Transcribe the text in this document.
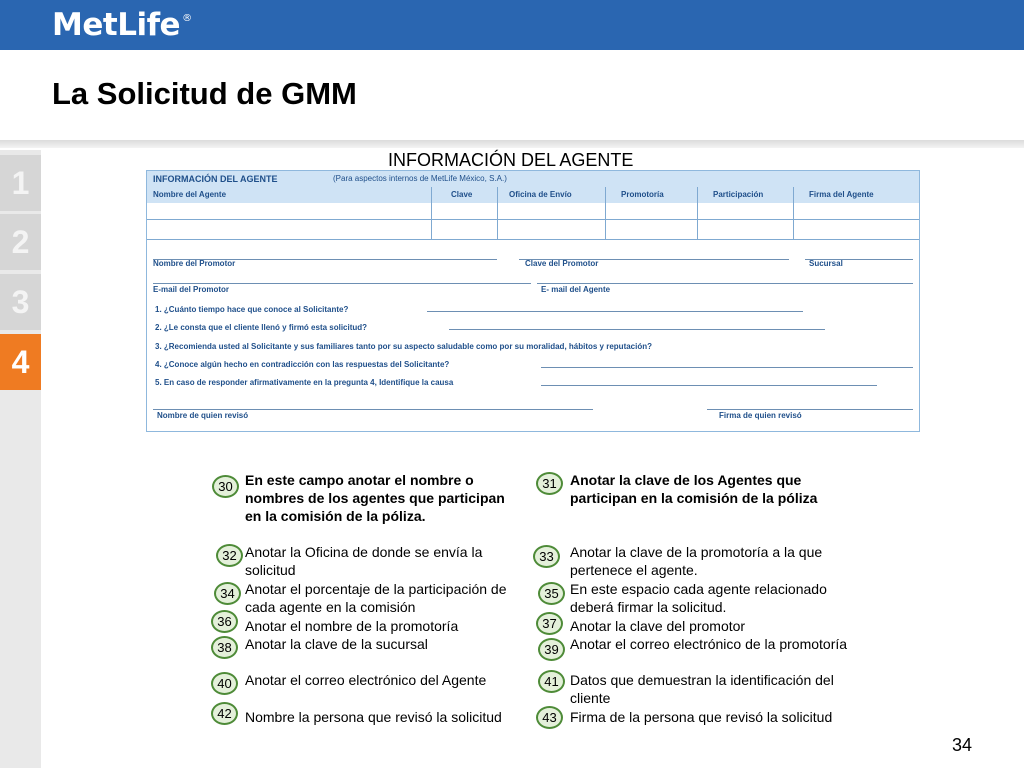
MetLife ®
La Solicitud de GMM
1
2
3
4
INFORMACIÓN DEL AGENTE
INFORMACIÓN DEL AGENTE	(Para aspectos internos de MetLife México, S.A.)
Nombre del Agente	Clave	Oficina de Envío	Promotoría	Participación	Firma del Agente
Nombre del Promotor	Clave del Promotor	Sucursal
E-mail del Promotor	E- mail del Agente
1. ¿Cuánto tiempo hace que conoce al Solicitante?
2. ¿Le consta que el cliente llenó y firmó esta solicitud?
3. ¿Recomienda usted al Solicitante y sus familiares tanto por su aspecto saludable como por su moralidad, hábitos y reputación?
4. ¿Conoce algún hecho en contradicción con las respuestas del Solicitante?
5. En caso de responder afirmativamente en la pregunta 4, Identifique la causa
Nombre de quien revisó	Firma de quien revisó
30 En este campo anotar el nombre o nombres de los agentes que participan en la comisión de la póliza.
32 Anotar la Oficina de donde se envía la solicitud
34 Anotar el porcentaje de la participación de cada agente en la comisión
36 Anotar el nombre de la promotoría
38 Anotar la clave de la sucursal
40 Anotar el correo electrónico del Agente
42 Nombre la persona que revisó la solicitud
31 Anotar la clave de los Agentes que participan en la comisión de la póliza
33	Anotar la clave de la promotoría a la que pertenece el agente.
35 En este espacio cada agente relacionado deberá firmar la solicitud.
37 Anotar la clave del promotor
39 Anotar el correo electrónico de la promotoría
41 Datos que demuestran la identificación del cliente
43 Firma de la persona que revisó la solicitud
34
